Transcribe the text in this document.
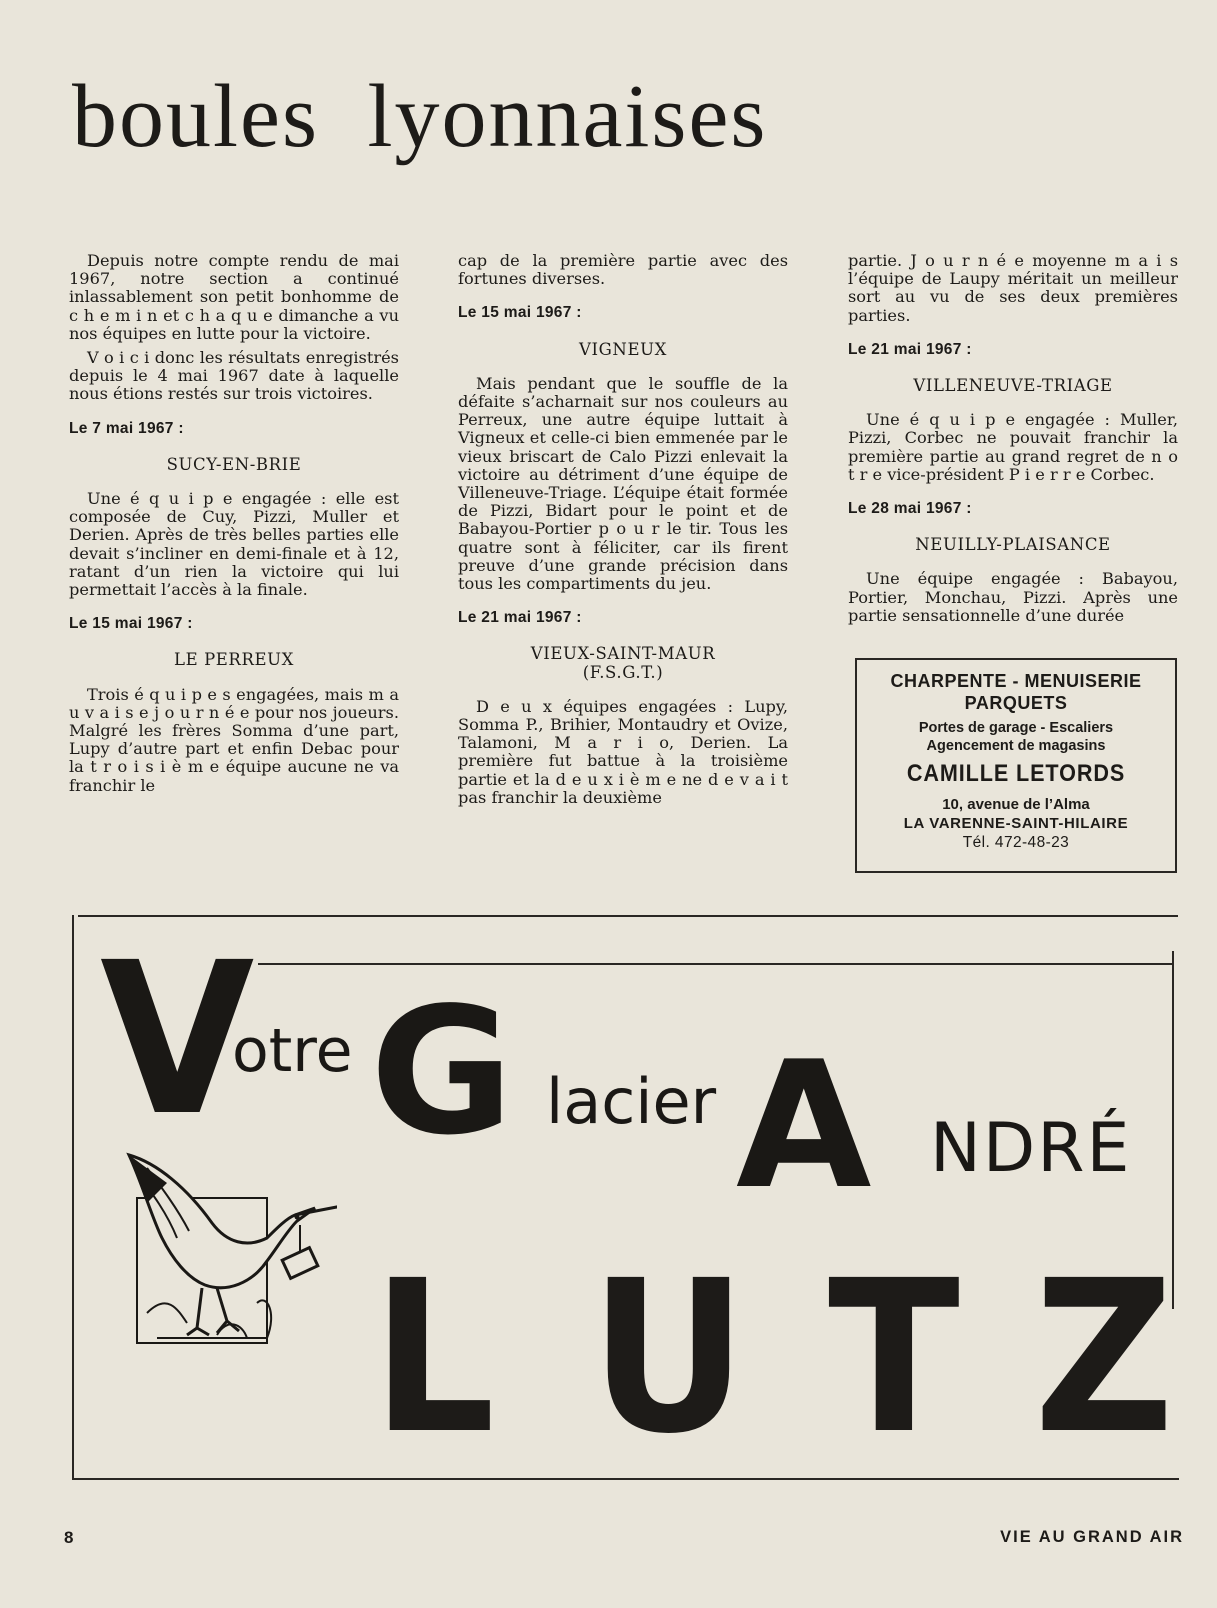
boules lyonnaises

Depuis notre compte rendu de mai 1967, notre section a continué inlassablement son petit bonhomme de c h e m i n et c h a q u e dimanche a vu nos équipes en lutte pour la victoire.

V o i c i donc les résultats enregistrés depuis le 4 mai 1967 date à laquelle nous étions restés sur trois victoires.

Le 7 mai 1967 :
SUCY-EN-BRIE

Une é q u i p e engagée : elle est composée de Cuy, Pizzi, Muller et Derien. Après de très belles parties elle devait s’incliner en demi-finale et à 12, ratant d’un rien la victoire qui lui permettait l’accès à la finale.

Le 15 mai 1967 :
LE PERREUX

Trois é q u i p e s engagées, mais m a u v a i s e j o u r n é e pour nos joueurs. Malgré les frères Somma d’une part, Lupy d’autre part et enfin Debac pour la t r o i s i è m e équipe aucune ne va franchir le

cap de la première partie avec des fortunes diverses.

Le 15 mai 1967 :
VIGNEUX

Mais pendant que le souffle de la défaite s’acharnait sur nos couleurs au Perreux, une autre équipe luttait à Vigneux et celle-ci bien emmenée par le vieux briscart de Calo Pizzi enlevait la victoire au détriment d’une équipe de Villeneuve-Triage. L’équipe était formée de Pizzi, Bidart pour le point et de Babayou-Portier p o u r le tir. Tous les quatre sont à féliciter, car ils firent preuve d’une grande précision dans tous les compartiments du jeu.

Le 21 mai 1967 :
VIEUX-SAINT-MAUR
(F.S.G.T.)

D e u x équipes engagées : Lupy, Somma P., Brihier, Montaudry et Ovize, Talamoni, M a r i o, Derien. La première fut battue à la troisième partie et la d e u x i è m e ne d e v a i t pas franchir la deuxième

partie. J o u r n é e moyenne m a i s l’équipe de Laupy méritait un meilleur sort au vu de ses deux premières parties.

Le 21 mai 1967 :
VILLENEUVE-TRIAGE

Une é q u i p e engagée : Muller, Pizzi, Corbec ne pouvait franchir la première partie au grand regret de n o t r e vice-président P i e r r e Corbec.

Le 28 mai 1967 :
NEUILLY-PLAISANCE

Une équipe engagée : Babayou, Portier, Monchau, Pizzi. Après une partie sensationnelle d’une durée

CHARPENTE - MENUISERIE
PARQUETS
Portes de garage - Escaliers
Agencement de magasins
CAMILLE LETORDS
10, avenue de l’Alma
LA VARENNE-SAINT-HILAIRE
Tél. 472-48-23
V
otre G lacier A NDRÉ
L U T Z
8	VIE AU GRAND AIR
